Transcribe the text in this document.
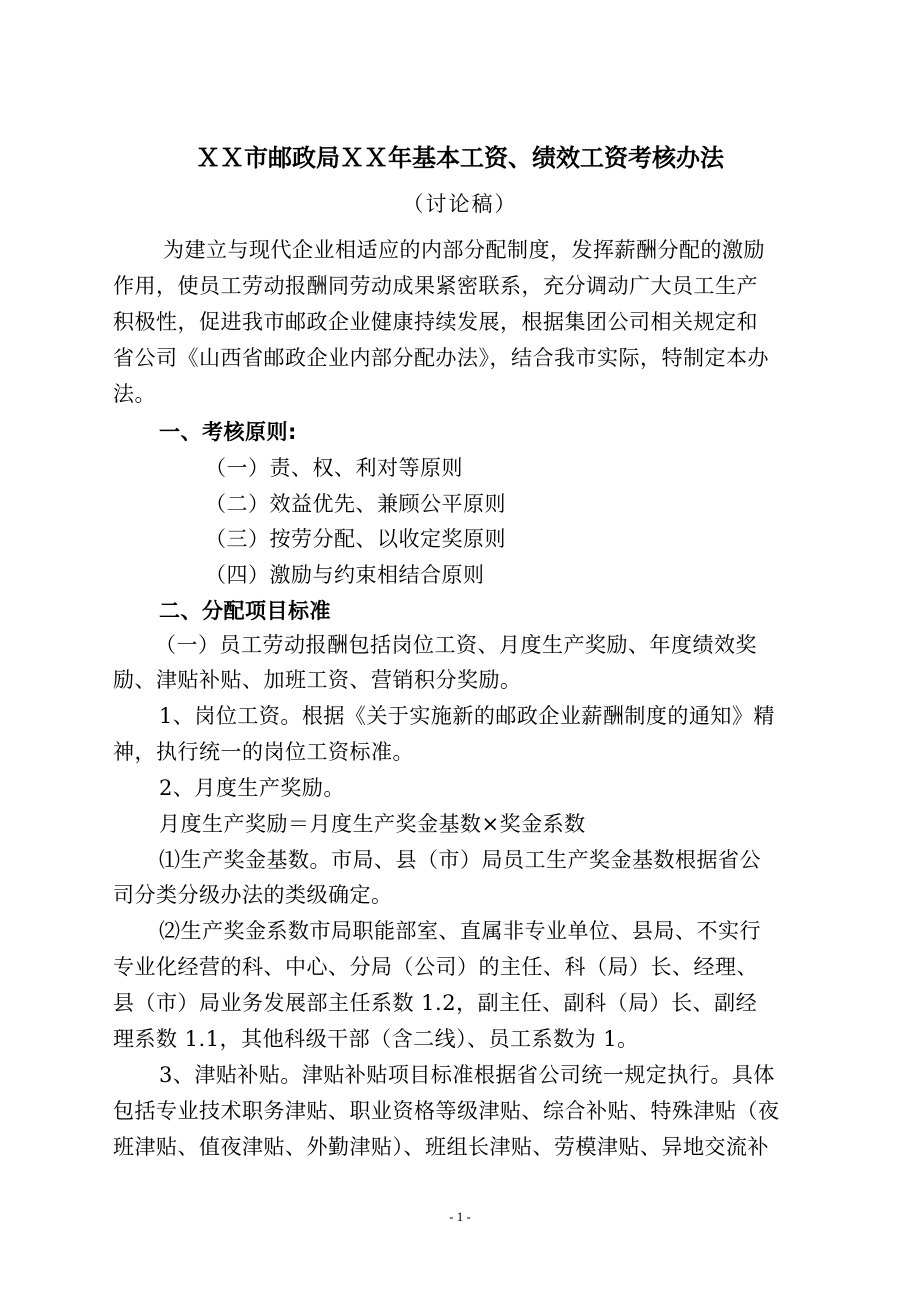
ＸＸ市邮政局ＸＸ年基本工资、绩效工资考核办法
（讨论稿）
为建立与现代企业相适应的内部分配制度，发挥薪酬分配的激励
作用，使员工劳动报酬同劳动成果紧密联系，充分调动广大员工生产
积极性，促进我市邮政企业健康持续发展，根据集团公司相关规定和
省公司《山西省邮政企业内部分配办法》，结合我市实际，特制定本办
法。
一、考核原则:
（一）责、权、利对等原则
（二）效益优先、兼顾公平原则
（三）按劳分配、以收定奖原则
（四）激励与约束相结合原则
二、分配项目标准
（一）员工劳动报酬包括岗位工资、月度生产奖励、年度绩效奖
励、津贴补贴、加班工资、营销积分奖励。
1、岗位工资。根据《关于实施新的邮政企业薪酬制度的通知》精
神，执行统一的岗位工资标准。
2、月度生产奖励。
月度生产奖励＝月度生产奖金基数×奖金系数
⑴生产奖金基数。市局、县（市）局员工生产奖金基数根据省公
司分类分级办法的类级确定。
⑵生产奖金系数市局职能部室、直属非专业单位、县局、不实行
专业化经营的科、中心、分局（公司）的主任、科（局）长、经理、
县（市）局业务发展部主任系数 1.2，副主任、副科（局）长、副经
理系数 1.1，其他科级干部（含二线）、员工系数为 1。
3、津贴补贴。津贴补贴项目标准根据省公司统一规定执行。具体
包括专业技术职务津贴、职业资格等级津贴、综合补贴、特殊津贴（夜
班津贴、值夜津贴、外勤津贴）、班组长津贴、劳模津贴、异地交流补
- 1 -
